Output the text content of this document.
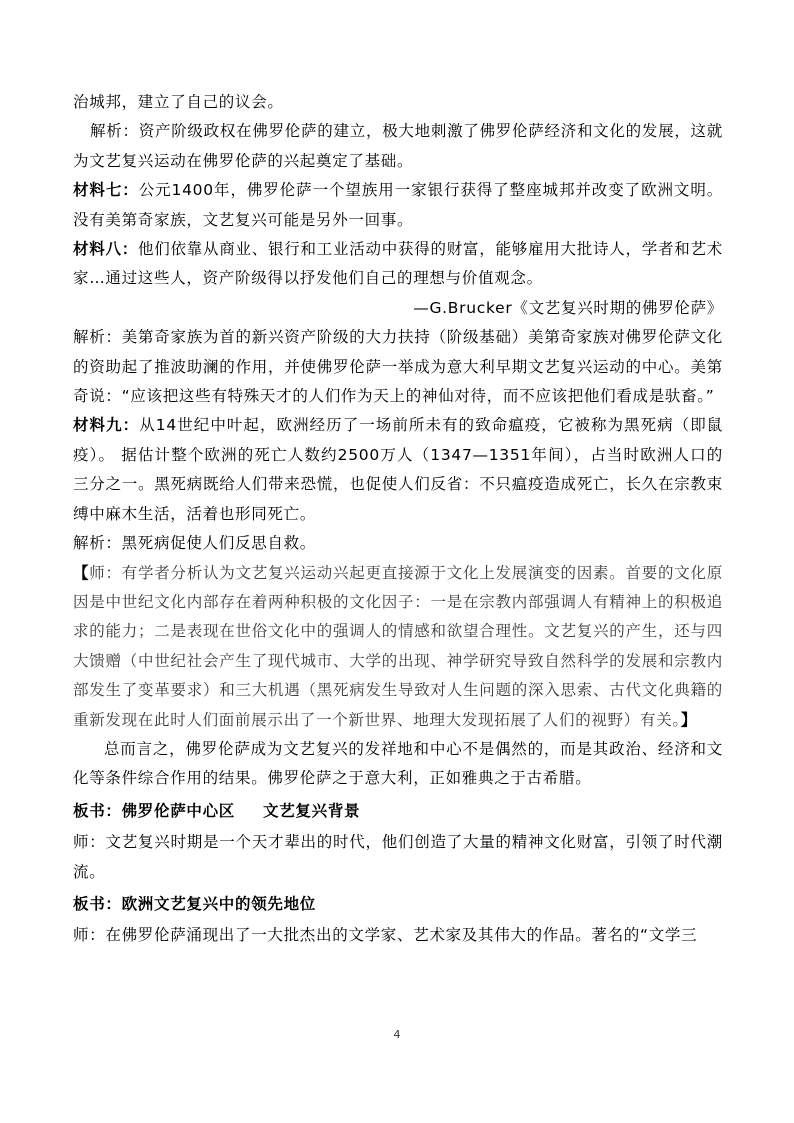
治城邦，建立了自己的议会。

解析：资产阶级政权在佛罗伦萨的建立，极大地刺激了佛罗伦萨经济和文化的发展，这就为文艺复兴运动在佛罗伦萨的兴起奠定了基础。

材料七：公元1400年，佛罗伦萨一个望族用一家银行获得了整座城邦并改变了欧洲文明。没有美第奇家族，文艺复兴可能是另外一回事。

材料八：他们依靠从商业、银行和工业活动中获得的财富，能够雇用大批诗人，学者和艺术家…通过这些人，资产阶级得以抒发他们自己的理想与价值观念。

—G.Brucker《文艺复兴时期的佛罗伦萨》

解析：美第奇家族为首的新兴资产阶级的大力扶持（阶级基础）美第奇家族对佛罗伦萨文化的资助起了推波助澜的作用，并使佛罗伦萨一举成为意大利早期文艺复兴运动的中心。美第奇说：“应该把这些有特殊天才的人们作为天上的神仙对待，而不应该把他们看成是驮畜。”

材料九：从14世纪中叶起，欧洲经历了一场前所未有的致命瘟疫，它被称为黑死病（即鼠疫）。 据估计整个欧洲的死亡人数约2500万人（1347—1351年间），占当时欧洲人口的三分之一。黑死病既给人们带来恐慌，也促使人们反省：不只瘟疫造成死亡，长久在宗教束缚中麻木生活，活着也形同死亡。

解析：黑死病促使人们反思自救。

【师：有学者分析认为文艺复兴运动兴起更直接源于文化上发展演变的因素。首要的文化原因是中世纪文化内部存在着两种积极的文化因子：一是在宗教内部强调人有精神上的积极追求的能力；二是表现在世俗文化中的强调人的情感和欲望合理性。文艺复兴的产生，还与四大馈赠（中世纪社会产生了现代城市、大学的出现、神学研究导致自然科学的发展和宗教内部发生了变革要求）和三大机遇（黑死病发生导致对人生问题的深入思索、古代文化典籍的重新发现在此时人们面前展示出了一个新世界、地理大发现拓展了人们的视野）有关。】

总而言之，佛罗伦萨成为文艺复兴的发祥地和中心不是偶然的，而是其政治、经济和文化等条件综合作用的结果。佛罗伦萨之于意大利，正如雅典之于古希腊。

板书：佛罗伦萨中心区 文艺复兴背景

师：文艺复兴时期是一个天才辈出的时代，他们创造了大量的精神文化财富，引领了时代潮流。

板书：欧洲文艺复兴中的领先地位

师：在佛罗伦萨涌现出了一大批杰出的文学家、艺术家及其伟大的作品。著名的“文学三

4
